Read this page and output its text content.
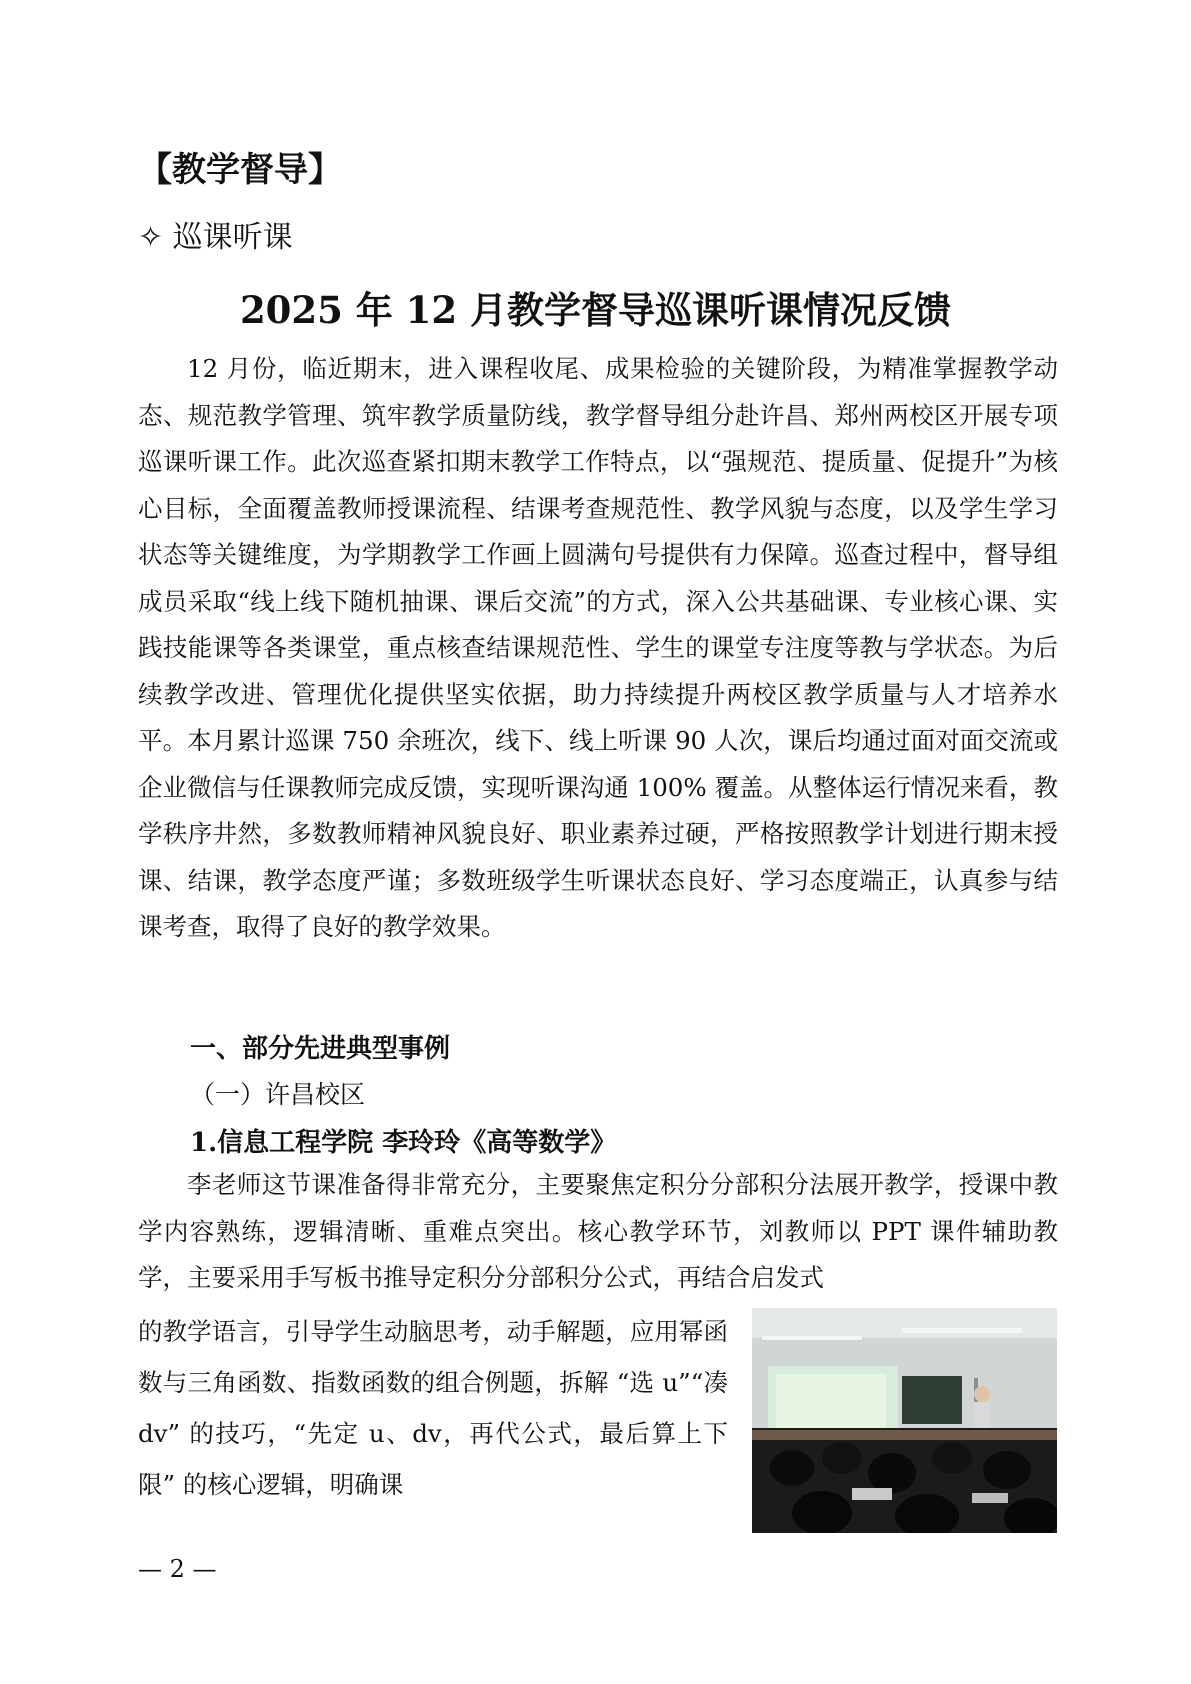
【教学督导】
✧ 巡课听课
2025 年 12 月教学督导巡课听课情况反馈

12 月份，临近期末，进入课程收尾、成果检验的关键阶段，为精准掌握教学动态、规范教学管理、筑牢教学质量防线，教学督导组分赴许昌、郑州两校区开展专项巡课听课工作。此次巡查紧扣期末教学工作特点，以“强规范、提质量、促提升”为核心目标，全面覆盖教师授课流程、结课考查规范性、教学风貌与态度，以及学生学习状态等关键维度，为学期教学工作画上圆满句号提供有力保障。巡查过程中，督导组成员采取“线上线下随机抽课、课后交流”的方式，深入公共基础课、专业核心课、实践技能课等各类课堂，重点核查结课规范性、学生的课堂专注度等教与学状态。为后续教学改进、管理优化提供坚实依据，助力持续提升两校区教学质量与人才培养水平。本月累计巡课 750 余班次，线下、线上听课 90 人次，课后均通过面对面交流或企业微信与任课教师完成反馈，实现听课沟通 100% 覆盖。从整体运行情况来看，教学秩序井然，多数教师精神风貌良好、职业素养过硬，严格按照教学计划进行期末授课、结课，教学态度严谨；多数班级学生听课状态良好、学习态度端正，认真参与结课考查，取得了良好的教学效果。

一、部分先进典型事例
（一）许昌校区
1.信息工程学院 李玲玲《高等数学》

李老师这节课准备得非常充分，主要聚焦定积分分部积分法展开教学，授课中教学内容熟练，逻辑清晰、重难点突出。核心教学环节，刘教师以 PPT 课件辅助教学，主要采用手写板书推导定积分分部积分公式，再结合启发式

的教学语言，引导学生动脑思考，动手解题，应用幂函数与三角函数、指数函数的组合例题，拆解 “选 u”“凑 dv” 的技巧，“先定 u、dv，再代公式，最后算上下限” 的核心逻辑，明确课

— 2 —
